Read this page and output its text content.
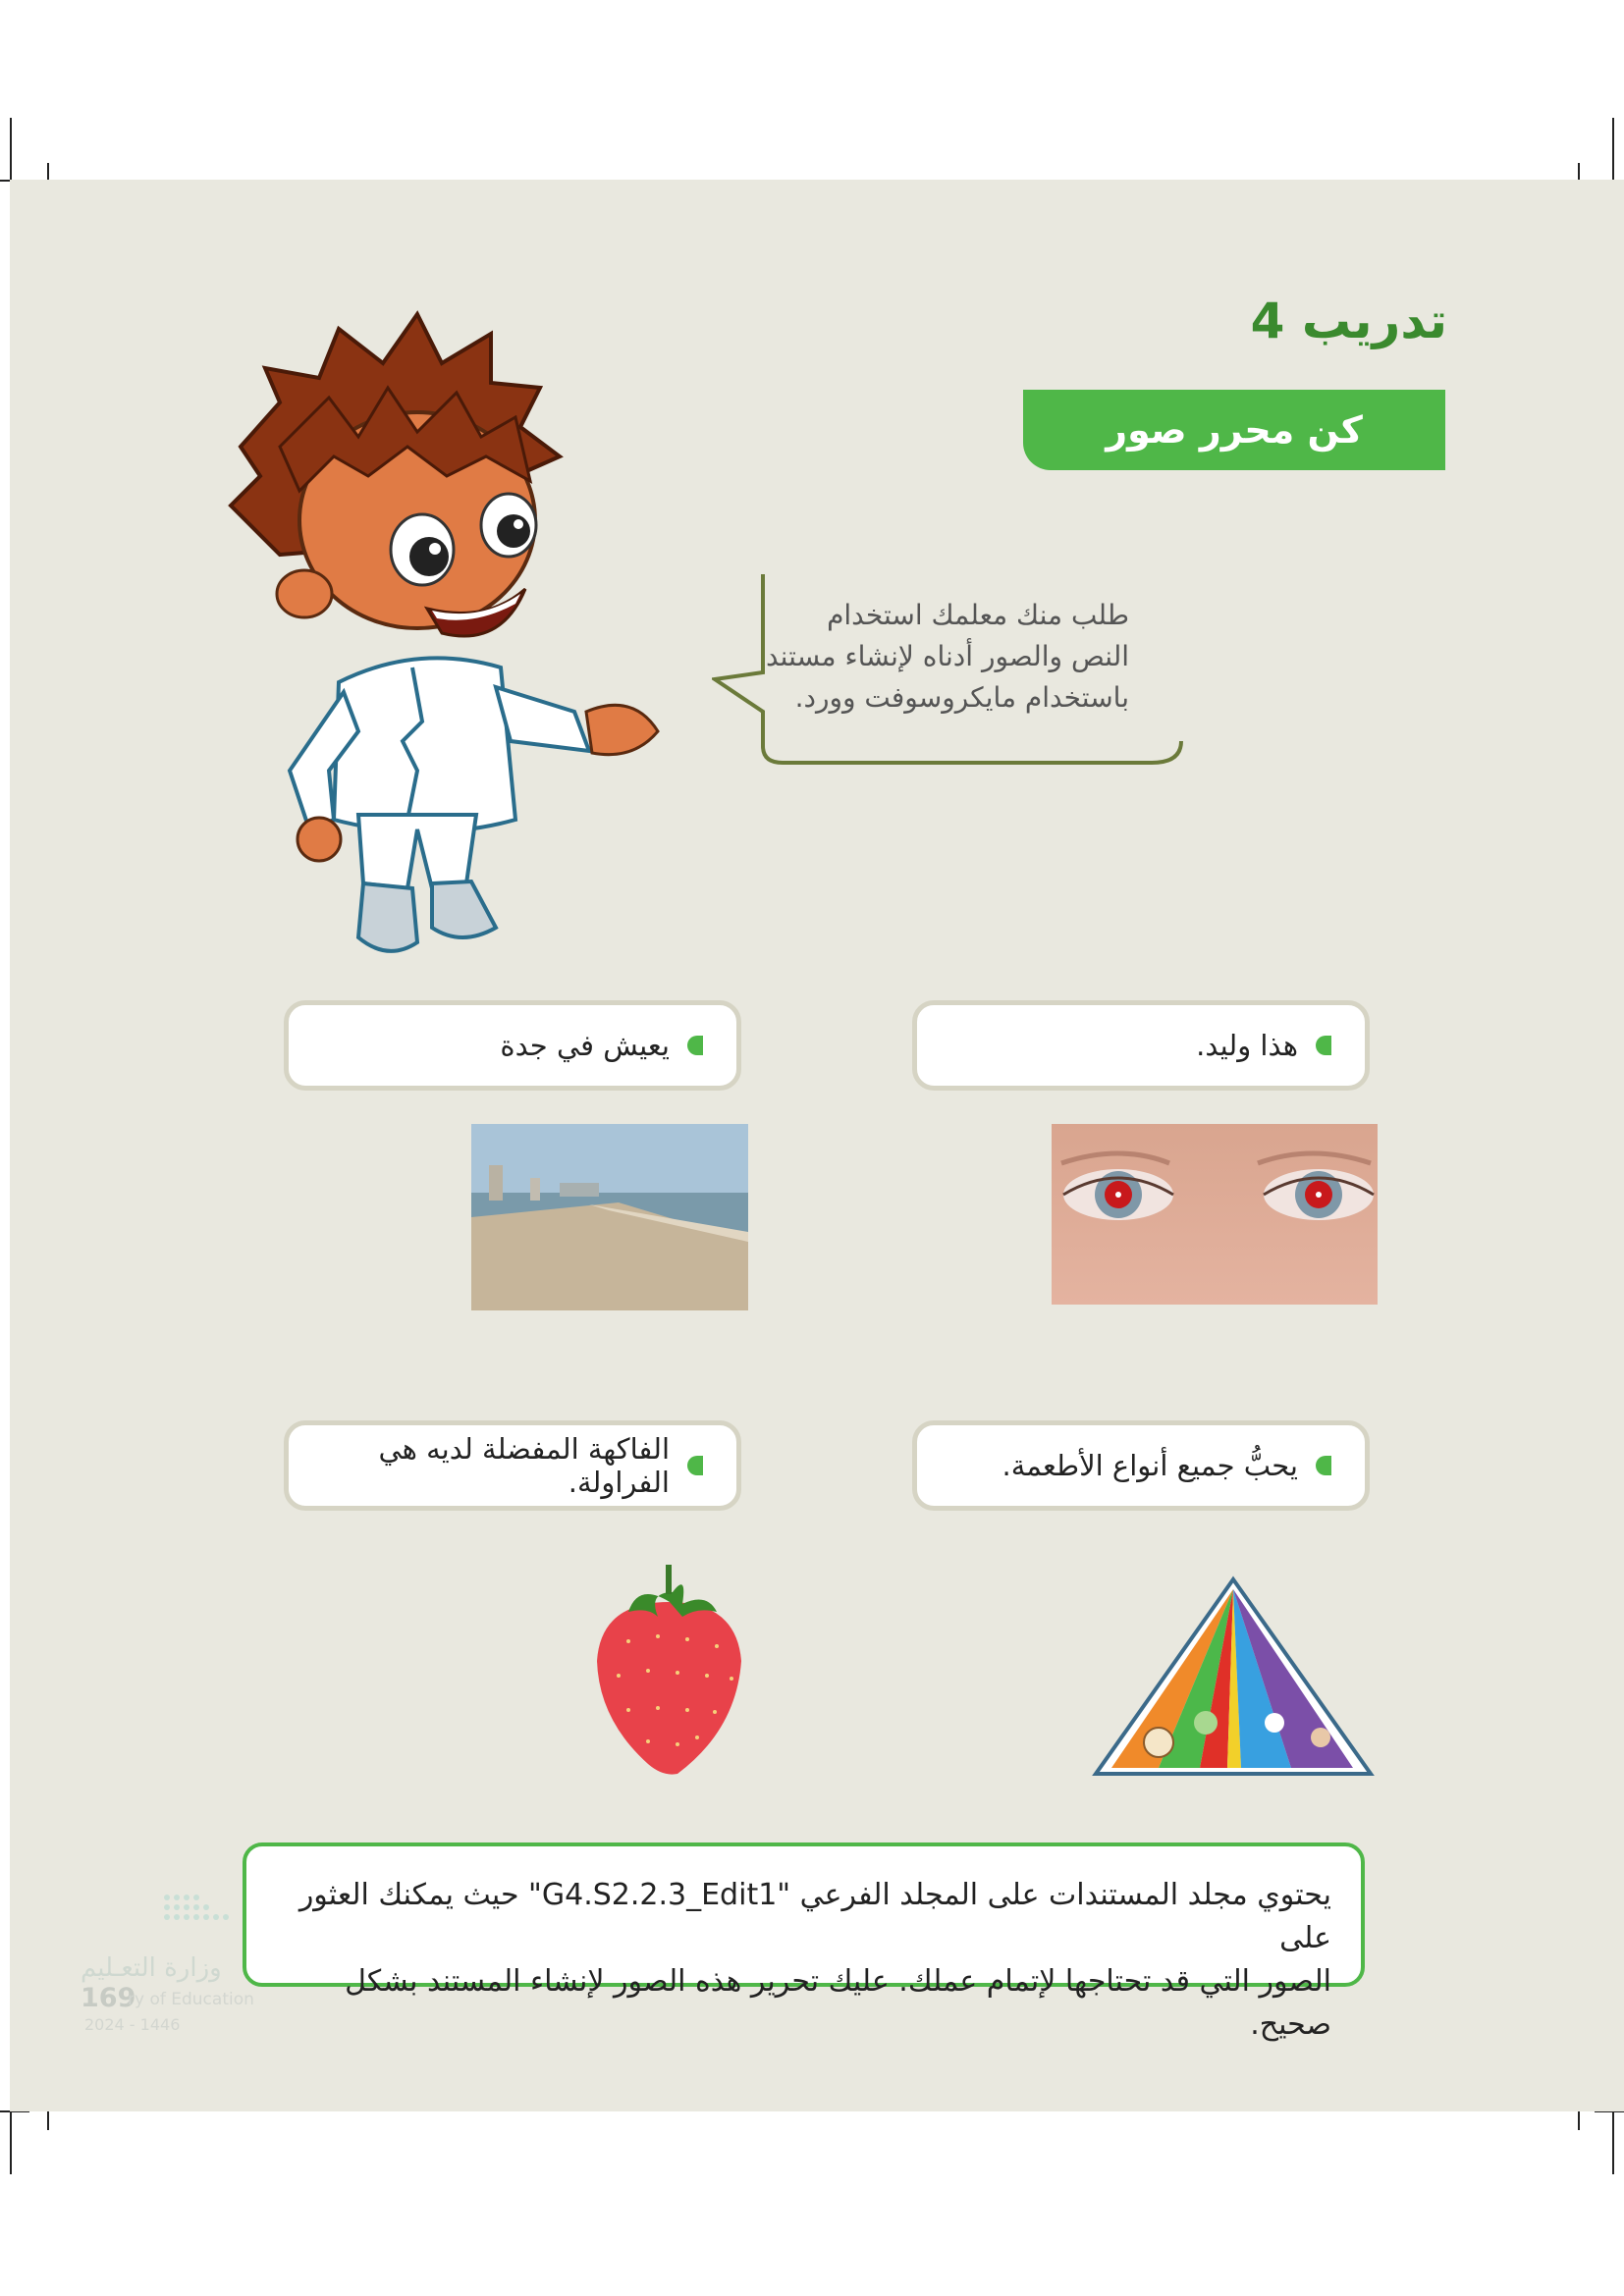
تدريب 4
كن محرر صور
طلب منك معلمك استخدام
النص والصور أدناه لإنشاء مستند
باستخدام مايكروسوفت وورد.
هذا وليد.
يعيش في جدة
يحبُّ جميع أنواع الأطعمة.
الفاكهة المفضلة لديه هي الفراولة.
يحتوي مجلد المستندات على المجلد الفرعي "G4.S2.2.3_Edit1" حيث يمكنك العثور على
الصور التي قد تحتاجها لإتمام عملك. عليك تحرير هذه الصور لإنشاء المستند بشكل صحيح.
وزارة التعـليم
169
ry of Education
2024 - 1446
